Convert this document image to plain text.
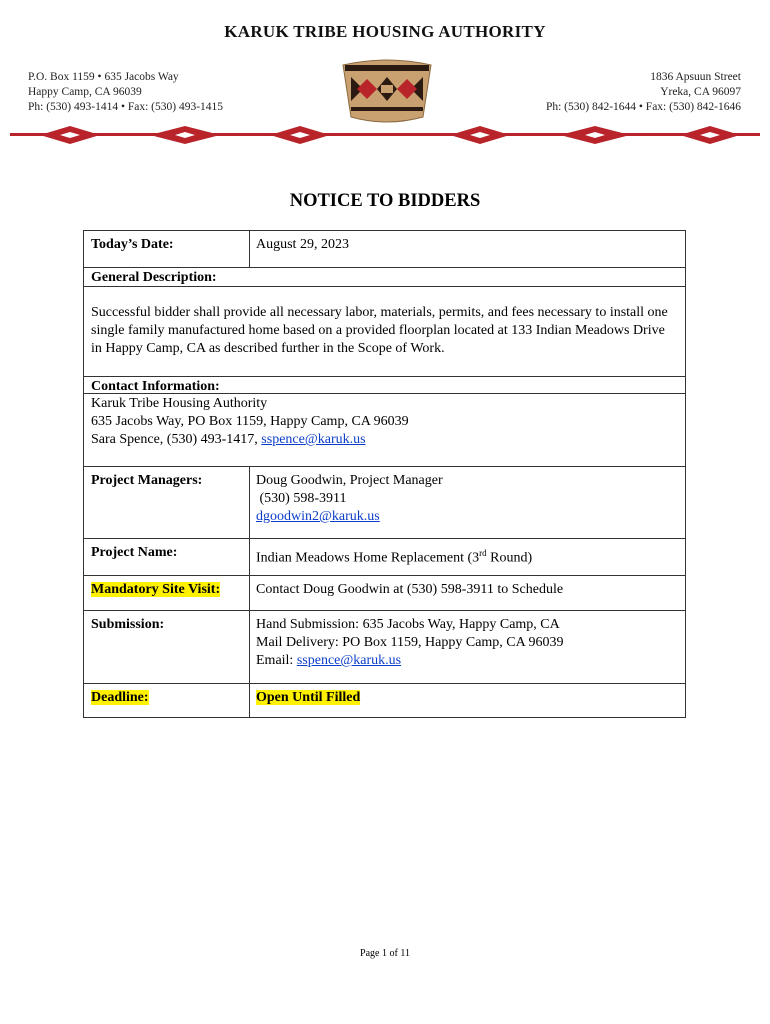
KARUK TRIBE HOUSING AUTHORITY
P.O. Box 1159 • 635 Jacobs Way
Happy Camp, CA 96039
Ph: (530) 493-1414 • Fax: (530) 493-1415
1836 Apsuun Street
Yreka, CA 96097
Ph: (530) 842-1644 • Fax: (530) 842-1646
NOTICE TO BIDDERS
Today’s Date:	August 29, 2023
General Description:
Successful bidder shall provide all necessary labor, materials, permits, and fees necessary to install one single family manufactured home based on a provided floorplan located at 133 Indian Meadows Drive in Happy Camp, CA as described further in the Scope of Work.
Contact Information:
Karuk Tribe Housing Authority
635 Jacobs Way, PO Box 1159, Happy Camp, CA 96039
Sara Spence, (530) 493-1417, sspence@karuk.us
Project Managers:	Doug Goodwin, Project Manager
(530) 598-3911
dgoodwin2@karuk.us
Project Name:	Indian Meadows Home Replacement (3rd Round)
Mandatory Site Visit:	Contact Doug Goodwin at (530) 598-3911 to Schedule
Submission:	Hand Submission: 635 Jacobs Way, Happy Camp, CA
Mail Delivery: PO Box 1159, Happy Camp, CA 96039
Email: sspence@karuk.us
Deadline:	Open Until Filled
Page 1 of 11
